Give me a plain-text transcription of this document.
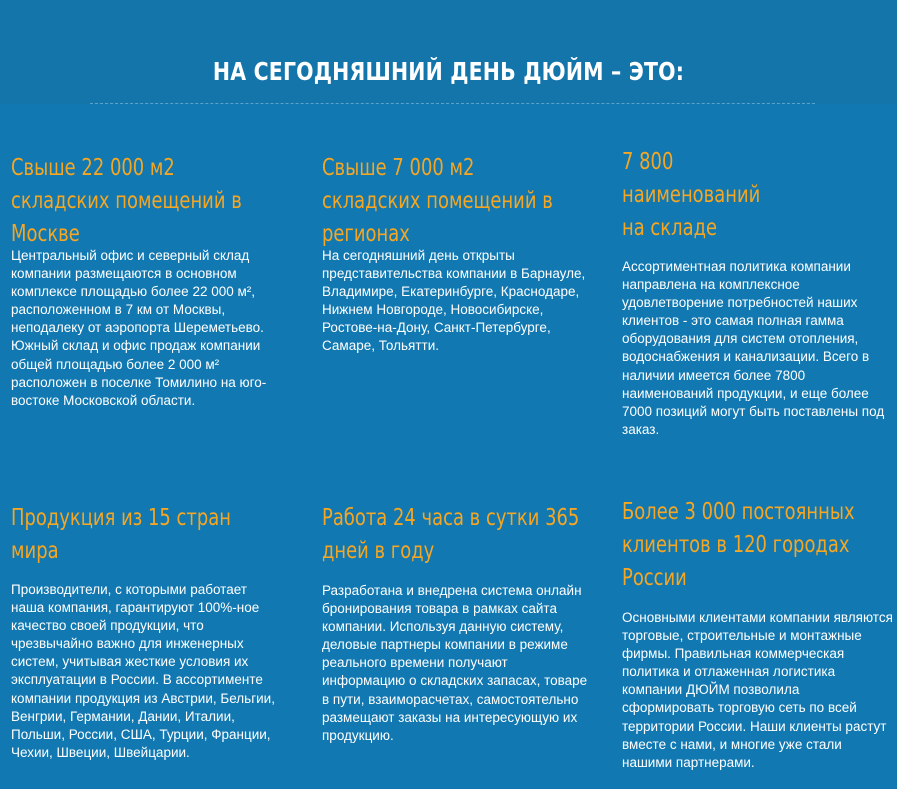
НА СЕГОДНЯШНИЙ ДЕНЬ ДЮЙМ – ЭТО:
Свыше 22 000 м2
складских помещений в
Москве

Центральный офис и северный склад
компании размещаются в основном
комплексе площадью более 22 000 м²,
расположенном в 7 км от Москвы,
неподалеку от аэропорта Шереметьево.
Южный склад и офис продаж компании
общей площадью более 2 000 м²
расположен в поселке Томилино на юго-
востоке Московской области.

Свыше 7 000 м2
складских помещений в
регионах

На сегодняшний день открыты
представительства компании в Барнауле,
Владимире, Екатеринбурге, Краснодаре,
Нижнем Новгороде, Новосибирске,
Ростове-на-Дону, Санкт-Петербурге,
Самаре, Тольятти.

7 800
наименований
на складе

Ассортиментная политика компании
направлена на комплексное
удовлетворение потребностей наших
клиентов - это самая полная гамма
оборудования для систем отопления,
водоснабжения и канализации. Всего в
наличии имеется более 7800
наименований продукции, и еще более
7000 позиций могут быть поставлены под
заказ.

Продукция из 15 стран мира

Производители, с которыми работает
наша компания, гарантируют 100%-ное
качество своей продукции, что
чрезвычайно важно для инженерных
систем, учитывая жесткие условия их
эксплуатации в России. В ассортименте
компании продукция из Австрии, Бельгии,
Венгрии, Германии, Дании, Италии,
Польши, России, США, Турции, Франции,
Чехии, Швеции, Швейцарии.

Работа 24 часа в сутки 365
дней в году

Разработана и внедрена система онлайн
бронирования товара в рамках сайта
компании. Используя данную систему,
деловые партнеры компании в режиме
реального времени получают
информацию о складских запасах, товаре
в пути, взаиморасчетах, самостоятельно
размещают заказы на интересующую их
продукцию.

Более 3 000 постоянных
клиентов в 120 городах
России

Основными клиентами компании являются
торговые, строительные и монтажные
фирмы. Правильная коммерческая
политика и отлаженная логистика
компании ДЮЙМ позволила
сформировать торговую сеть по всей
территории России. Наши клиенты растут
вместе с нами, и многие уже стали
нашими партнерами.
